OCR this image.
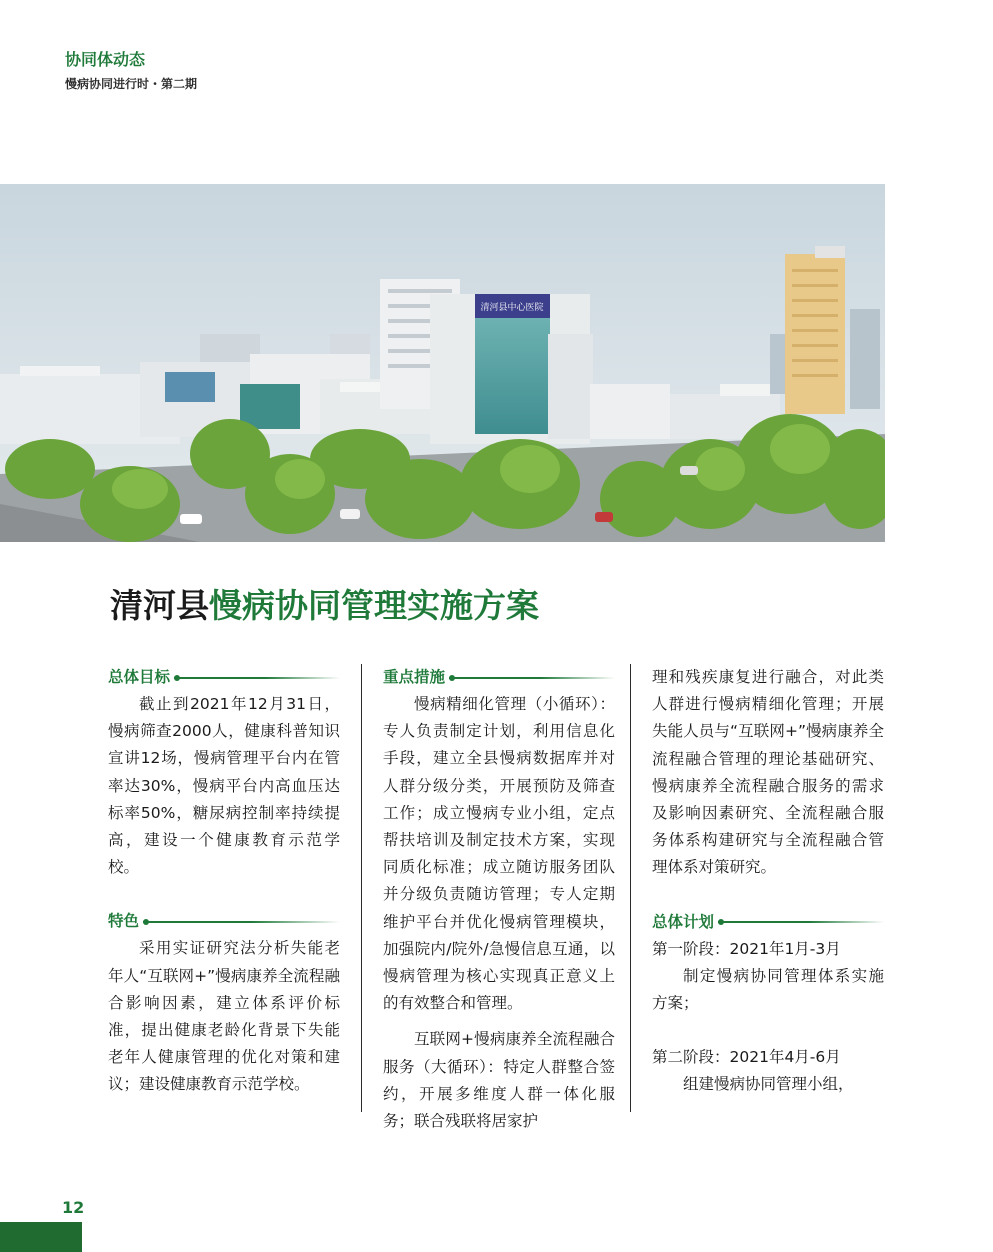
协同体动态
慢病协同进行时・第二期
清河县中心医院
清河县慢病协同管理实施方案
总体目标

截止到2021年12月31日，慢病筛查2000人，健康科普知识宣讲12场，慢病管理平台内在管率达30%，慢病平台内高血压达标率50%，糖尿病控制率持续提高，建设一个健康教育示范学校。

特色

采用实证研究法分析失能老年人“互联网+”慢病康养全流程融合影响因素，建立体系评价标准，提出健康老龄化背景下失能老年人健康管理的优化对策和建议；建设健康教育示范学校。

重点措施

慢病精细化管理（小循环）：专人负责制定计划，利用信息化手段，建立全县慢病数据库并对人群分级分类，开展预防及筛查工作；成立慢病专业小组，定点帮扶培训及制定技术方案，实现同质化标准；成立随访服务团队并分级负责随访管理；专人定期维护平台并优化慢病管理模块，加强院内/院外/急慢信息互通，以慢病管理为核心实现真正意义上的有效整合和管理。

互联网+慢病康养全流程融合服务（大循环）：特定人群整合签约，开展多维度人群一体化服务；联合残联将居家护

理和残疾康复进行融合，对此类人群进行慢病精细化管理；开展失能人员与“互联网+”慢病康养全流程融合管理的理论基础研究、慢病康养全流程融合服务的需求及影响因素研究、全流程融合服务体系构建研究与全流程融合管理体系对策研究。

总体计划

第一阶段：2021年1月-3月

制定慢病协同管理体系实施方案；

第二阶段：2021年4月-6月

组建慢病协同管理小组，

12
